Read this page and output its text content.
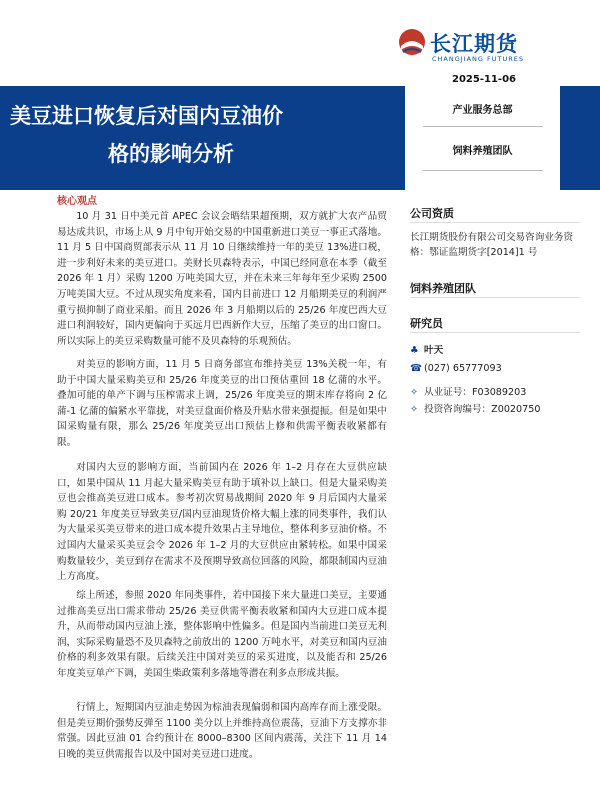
长江期货
CHANGJIANG FUTURES
2025-11-06
美豆进口恢复后对国内豆油价
格的影响分析
产业服务总部
饲料养殖团队
核心观点

10 月 31 日中美元首 APEC 会议会晤结果超预期，双方就扩大农产品贸易达成共识，市场上从 9 月中旬开始交易的中国重新进口美豆一事正式落地。11 月 5 日中国商贸部表示从 11 月 10 日继续维持一年的美豆 13%进口税，进一步利好未来的美豆进口。美财长贝森特表示，中国已经同意在本季（截至 2026 年 1 月）采购 1200 万吨美国大豆，并在未来三年每年至少采购 2500 万吨美国大豆。不过从现实角度来看，国内目前进口 12 月船期美豆的利润严重亏损抑制了商业采船。而且 2026 年 3 月船期以后的 25/26 年度巴西大豆进口利润较好，国内更偏向于买远月巴西新作大豆，压缩了美豆的出口窗口。所以实际上的美豆采购数量可能不及贝森特的乐观预估。

对美豆的影响方面，11 月 5 日商务部宣布维持美豆 13%关税一年，有助于中国大量采购美豆和 25/26 年度美豆的出口预估重回 18 亿蒲的水平。叠加可能的单产下调与压榨需求上调，25/26 年度美豆的期末库存将向 2 亿蒲-1 亿蒲的偏紧水平靠拢，对美豆盘面价格及升贴水带来强提振。但是如果中国采购量有限，那么 25/26 年度美豆出口预估上修和供需平衡表收紧都有限。

对国内大豆的影响方面，当前国内在 2026 年 1–2 月存在大豆供应缺口，如果中国从 11 月起大量采购美豆有助于填补以上缺口。但是大量采购美豆也会推高美豆进口成本。参考初次贸易战期间 2020 年 9 月后国内大量采购 20/21 年度美豆导致美豆/国内豆油现货价格大幅上涨的同类事件，我们认为大量采买美豆带来的进口成本提升效果占主导地位，整体利多豆油价格。不过国内大量采买美豆会令 2026 年 1–2 月的大豆供应由紧转松。如果中国采购数量较少，美豆到存在需求不及预期导致高位回落的风险，都限制国内豆油上方高度。

综上所述，参照 2020 年同类事件，若中国接下来大量进口美豆，主要通过推高美豆出口需求带动 25/26 美豆供需平衡表收紧和国内大豆进口成本提升，从而带动国内豆油上涨，整体影响中性偏多。但是国内当前进口美豆无利润，实际采购量恐不及贝森特之前放出的 1200 万吨水平，对美豆和国内豆油价格的利多效果有限。后续关注中国对美豆的采买进度，以及能否和 25/26 年度美豆单产下调，美国生柴政策利多落地等潜在利多点形成共振。

行情上，短期国内豆油走势因为棕油表现偏弱和国内高库存而上涨受限。但是美豆期价强势反弹至 1100 美分以上并维持高位震荡，豆油下方支撑亦非常强。因此豆油 01 合约预计在 8000–8300 区间内震荡，关注下 11 月 14 日晚的美豆供需报告以及中国对美豆进口进度。

公司资质
长江期货股份有限公司交易咨询业务资格：鄂证监期货字[2014]1 号
饲料养殖团队
研究员
♣ 叶天
☎ (027) 65777093
✧ 从业证号：F03089203
✧ 投资咨询编号：Z0020750
